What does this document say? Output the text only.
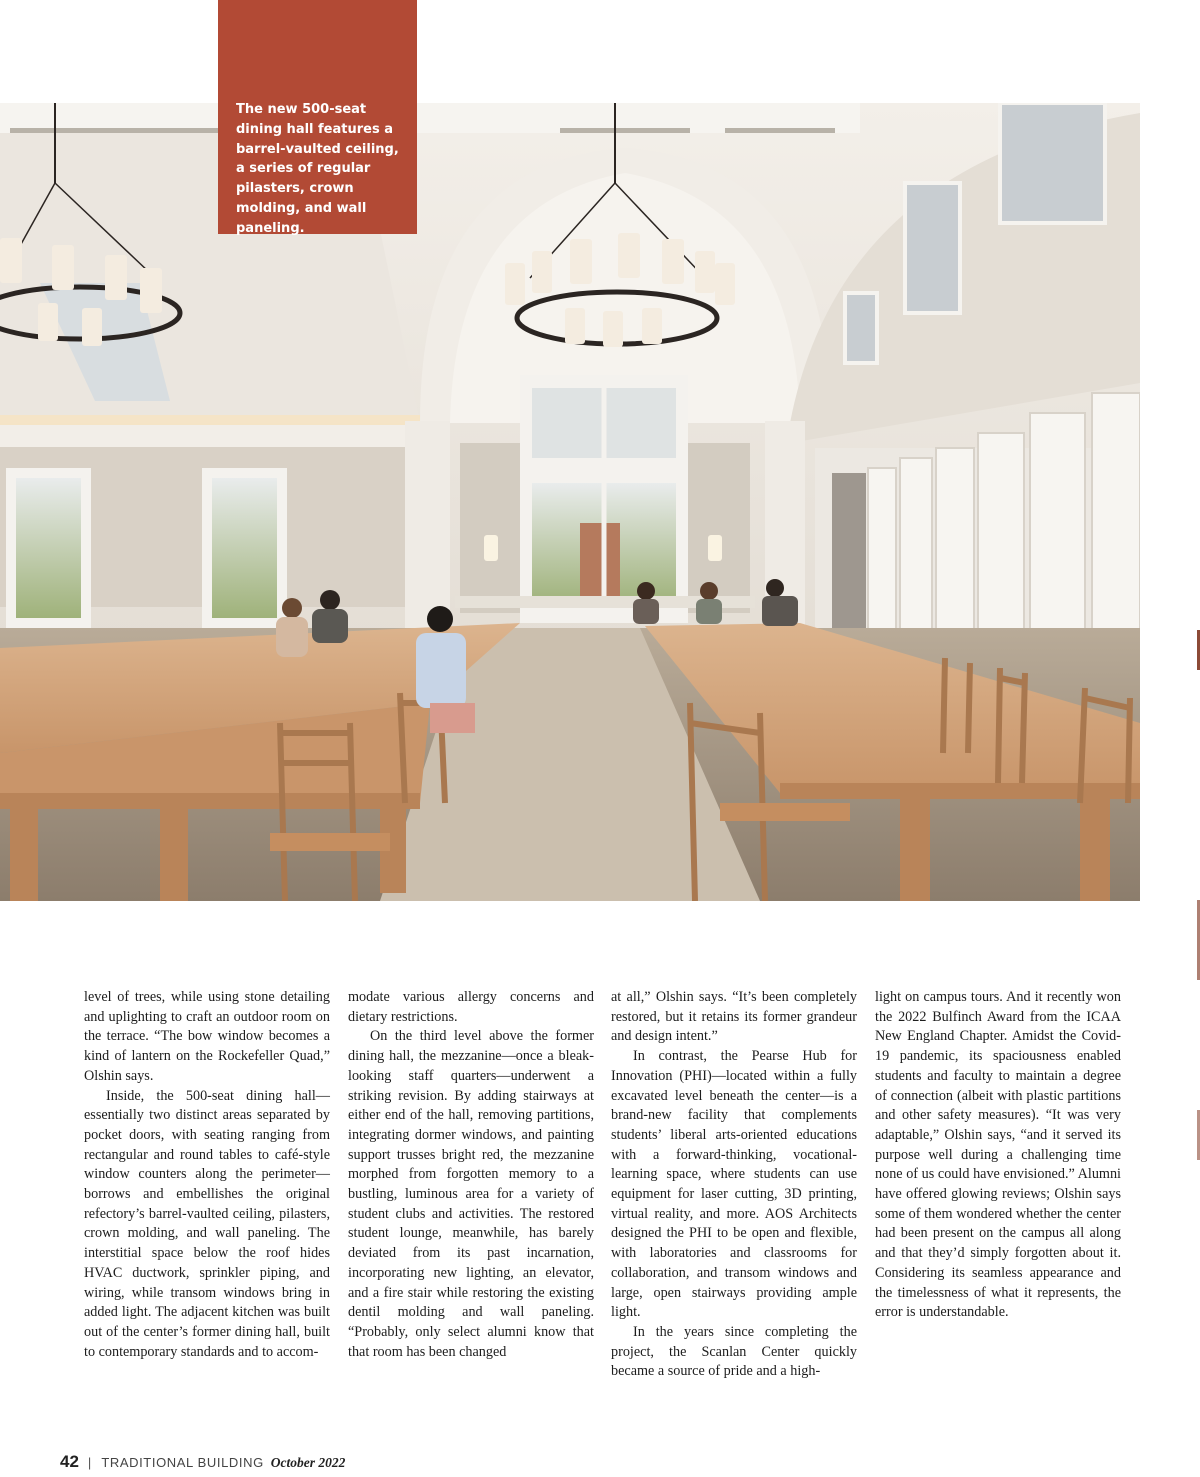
The new 500-seat dining hall features a barrel-vaulted ceiling, a series of regular pilasters, crown molding, and wall paneling.

level of trees, while using stone detailing and uplighting to craft an outdoor room on the terrace. “The bow window becomes a kind of lantern on the Rockefeller Quad,” Olshin says.

Inside, the 500-seat dining hall—essentially two distinct areas separated by pocket doors, with seating ranging from rectangular and round tables to café-style window counters along the perimeter—borrows and embellishes the original refectory’s barrel-vaulted ceiling, pilasters, crown molding, and wall paneling. The interstitial space below the roof hides HVAC ductwork, sprinkler piping, and wiring, while transom windows bring in added light. The adjacent kitchen was built out of the center’s former dining hall, built to contemporary standards and to accom-

modate various allergy concerns and dietary restrictions.

On the third level above the former dining hall, the mezzanine—once a bleak-looking staff quarters—underwent a striking revision. By adding stairways at either end of the hall, removing partitions, integrating dormer windows, and painting support trusses bright red, the mezzanine morphed from forgotten memory to a bustling, luminous area for a variety of student clubs and activities. The restored student lounge, meanwhile, has barely deviated from its past incarnation, incorporating new lighting, an elevator, and a fire stair while restoring the existing dentil molding and wall paneling. “Probably, only select alumni know that that room has been changed

at all,” Olshin says. “It’s been completely restored, but it retains its former grandeur and design intent.”

In contrast, the Pearse Hub for Innovation (PHI)—located within a fully excavated level beneath the center—is a brand-new facility that complements students’ liberal arts-oriented educations with a forward-thinking, vocational-learning space, where students can use equipment for laser cutting, 3D printing, virtual reality, and more. AOS Architects designed the PHI to be open and flexible, with laboratories and classrooms for collaboration, and transom windows and large, open stairways providing ample light.

In the years since completing the project, the Scanlan Center quickly became a source of pride and a high-

light on campus tours. And it recently won the 2022 Bulfinch Award from the ICAA New England Chapter. Amidst the Covid-19 pandemic, its spaciousness enabled students and faculty to maintain a degree of connection (albeit with plastic partitions and other safety measures). “It was very adaptable,” Olshin says, “and it served its purpose well during a challenging time none of us could have envisioned.” Alumni have offered glowing reviews; Olshin says some of them wondered whether the center had been present on the campus all along and that they’d simply forgotten about it. Considering its seamless appearance and the timelessness of what it represents, the error is understandable.

42 | TRADITIONAL BUILDING October 2022
